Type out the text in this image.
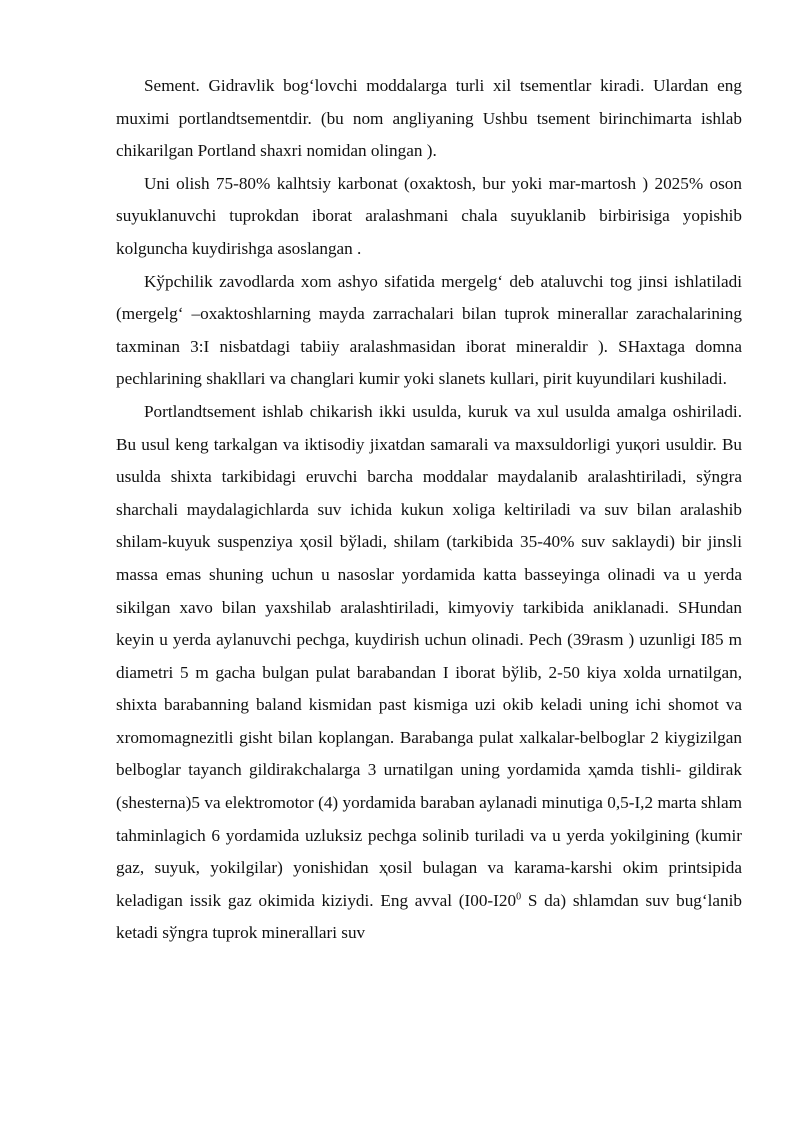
Sement. Gidravlik bog‘lovchi moddalarga turli xil tsementlar kiradi. Ulardan eng muximi portlandtsementdir. (bu nom angliyaning Ushbu tsement birinchimarta ishlab chikarilgan Portland shaxri nomidan olingan ).

Uni olish 75-80% kalhtsiy karbonat (oxaktosh, bur yoki mar-martosh ) 2025% oson suyuklanuvchi tuprokdan iborat aralashmani chala suyuklanib birbirisiga yopishib kolguncha kuydirishga asoslangan .

Kўpchilik zavodlarda xom ashyo sifatida mergelg‘ deb ataluvchi tog jinsi ishlatiladi (mergelg‘ –oxaktoshlarning mayda zarrachalari bilan tuprok minerallar zarachalarining taxminan 3:I nisbatdagi tabiiy aralashmasidan iborat mineraldir ). SHaxtaga domna pechlarining shakllari va changlari kumir yoki slanets kullari, pirit kuyundilari kushiladi.

Portlandtsement ishlab chikarish ikki usulda, kuruk va xul usulda amalga oshiriladi. Bu usul keng tarkalgan va iktisodiy jixatdan samarali va maxsuldorligi yuқori usuldir. Bu usulda shixta tarkibidagi eruvchi barcha moddalar maydalanib aralashtiriladi, sўngra sharchali maydalagichlarda suv ichida kukun xoliga keltiriladi va suv bilan aralashib shilam-kuyuk suspenziya ҳosil bўladi, shilam (tarkibida 35-40% suv saklaydi) bir jinsli massa emas shuning uchun u nasoslar yordamida katta basseyinga olinadi va u yerda sikilgan xavo bilan yaxshilab aralashtiriladi, kimyoviy tarkibida aniklanadi. SHundan keyin u yerda aylanuvchi pechga, kuydirish uchun olinadi. Pech (39rasm ) uzunligi I85 m diametrі 5 m gacha bulgan pulat barabandan I iborat bўlib, 2-50 kiya xolda urnatilgan, shixta barabanning baland kismidan past kismiga uzi okib keladi uning ichi shomot va xromomagnezitli gisht bilan koplangan. Barabanga pulat xalkalar-belboglar 2 kiygizilgan belboglar tayanch gildirakchalarga 3 urnatilgan uning yordamida ҳamda tishli- gildirak (shesterna)5 va elektromotor (4) yordamida baraban aylanadi minutiga 0,5-I,2 marta shlam tahminlagich 6 yordamida uzluksiz pechga solinib turiladi va u yerda yokilgining (kumir gaz, suyuk, yokilgilar) yonishidan ҳosil bulagan va karama-karshi okim printsipida keladigan issik gaz okimida kiziydi. Eng avval ($I00-I20^0$ S da) shlamdan suv bug‘lanib ketadi sўngra tuprok minerallari suv
